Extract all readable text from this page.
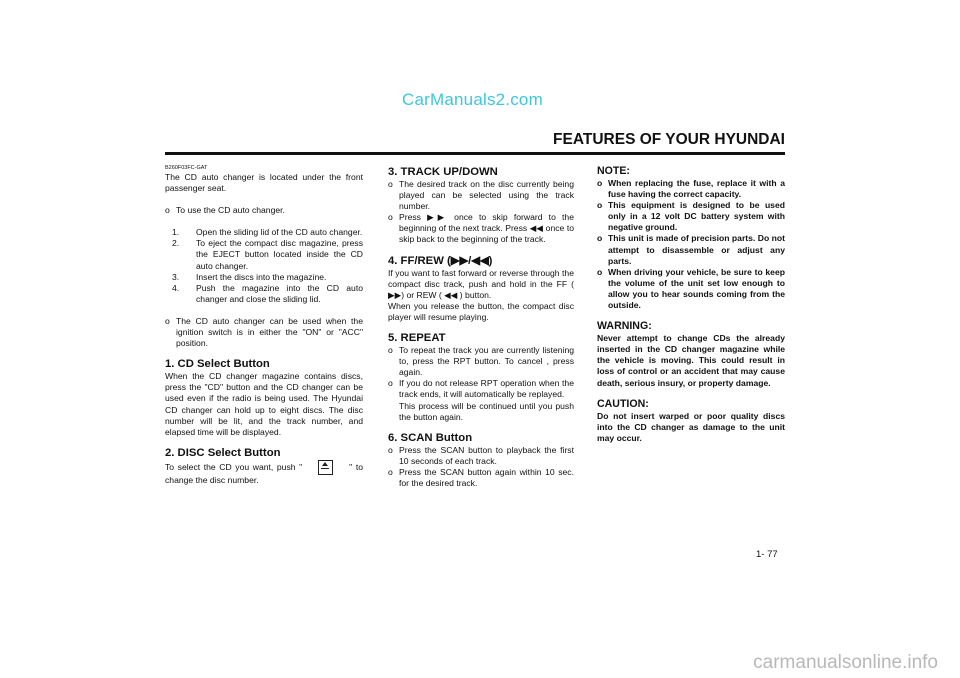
CarManuals2.com
FEATURES OF YOUR HYUNDAI
B260F03FC-GAT

The CD auto changer is located under the front passenger seat.

o To use the CD auto changer.
1.	Open the sliding lid of the CD auto changer.
2.	To eject the compact disc magazine, press the EJECT button located inside the CD auto changer.
3.	Insert the discs into the magazine.
4.	Push the magazine into the CD auto changer and close the sliding lid.
o The CD auto changer can be used when the ignition switch is in either the "ON" or "ACC" position.
1. CD Select Button

When the CD changer magazine contains discs, press the "CD" button and the CD changer can be used even if the radio is being used. The Hyundai CD changer can hold up to eight discs. The disc number will be lit, and the track number, and elapsed time will be displayed.

2. DISC Select Button

To select the CD you want, push "	" to change the disc number.

3. TRACK UP/DOWN
o The desired track on the disc currently being played can be selected using the track number.
o Press ▶▶ once to skip forward to the beginning of the next track. Press ◀◀ once to skip back to the beginning of the track.
4. FF/REW (▶▶/◀◀)

If you want to fast forward or reverse through the compact disc track, push and hold in the FF ( ▶▶) or REW ( ◀◀ ) button.

When you release the button, the compact disc player will resume playing.

5. REPEAT
o To repeat the track you are currently listening to, press the RPT button. To cancel , press again.
o If you do not release RPT operation when the track ends, it will automatically be replayed.
This process will be continued until you push the button again.
6. SCAN Button
o Press the SCAN button to playback the first 10 seconds of each track.
o Press the SCAN button again within 10 sec. for the desired track.
NOTE:
o When replacing the fuse, replace it with a fuse having the correct capacity.
o This equipment is designed to be used only in a 12 volt DC battery system with negative ground.
o This unit is made of precision parts. Do not attempt to disassemble or adjust any parts.
o When driving your vehicle, be sure to keep the volume of the unit set low enough to allow you to hear sounds coming from the outside.
WARNING:

Never attempt to change CDs the already inserted in the CD changer magazine while the vehicle is moving. This could result in loss of control or an accident that may cause death, serious insury, or property damage.

CAUTION:

Do not insert warped or poor quality discs into the CD changer as damage to the unit may occur.

1- 77
carmanualsonline.info
